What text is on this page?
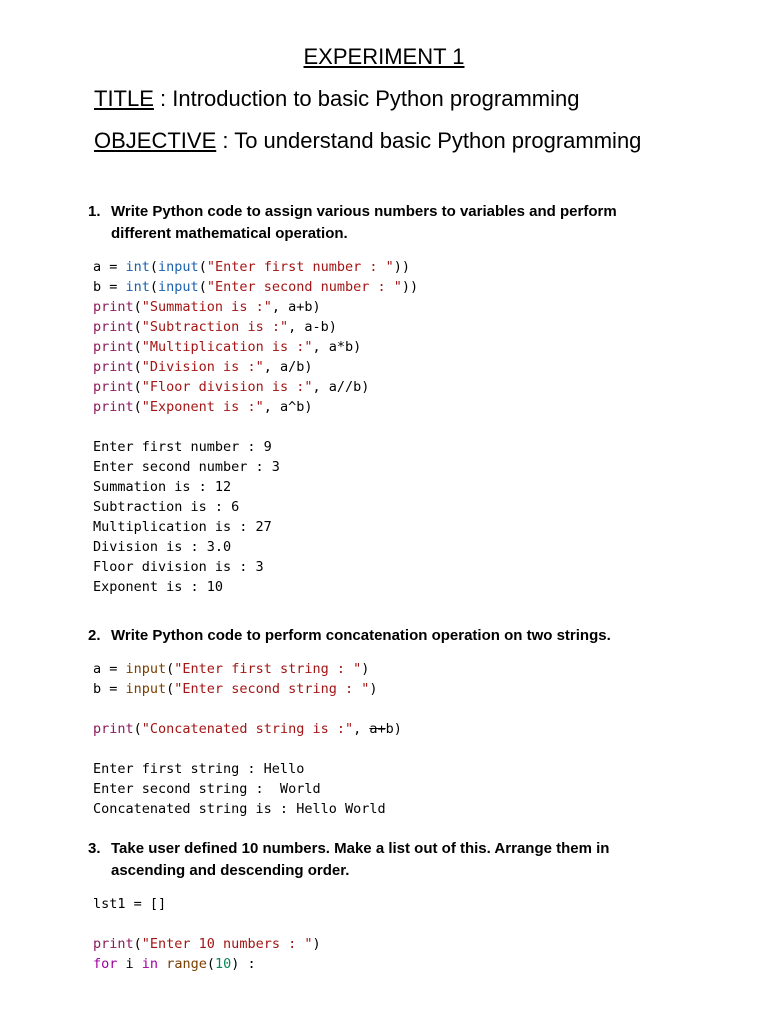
EXPERIMENT 1
TITLE : Introduction to basic Python programming
OBJECTIVE : To understand basic Python programming
1. Write Python code to assign various numbers to variables and perform different mathematical operation.
a = int(input("Enter first number : "))
b = int(input("Enter second number : "))
print("Summation is :", a+b)
print("Subtraction is :", a-b)
print("Multiplication is :", a*b)
print("Division is :", a/b)
print("Floor division is :", a//b)
print("Exponent is :", a^b)
Enter first number : 9
Enter second number : 3
Summation is : 12
Subtraction is : 6
Multiplication is : 27
Division is : 3.0
Floor division is : 3
Exponent is : 10
2. Write Python code to perform concatenation operation on two strings.
a = input("Enter first string : ")
b = input("Enter second string : ")

print("Concatenated string is :", a+b)
Enter first string : Hello
Enter second string :  World
Concatenated string is : Hello World
3. Take user defined 10 numbers. Make a list out of this. Arrange them in ascending and descending order.
lst1 = []

print("Enter 10 numbers : ")
for i in range(10) :
